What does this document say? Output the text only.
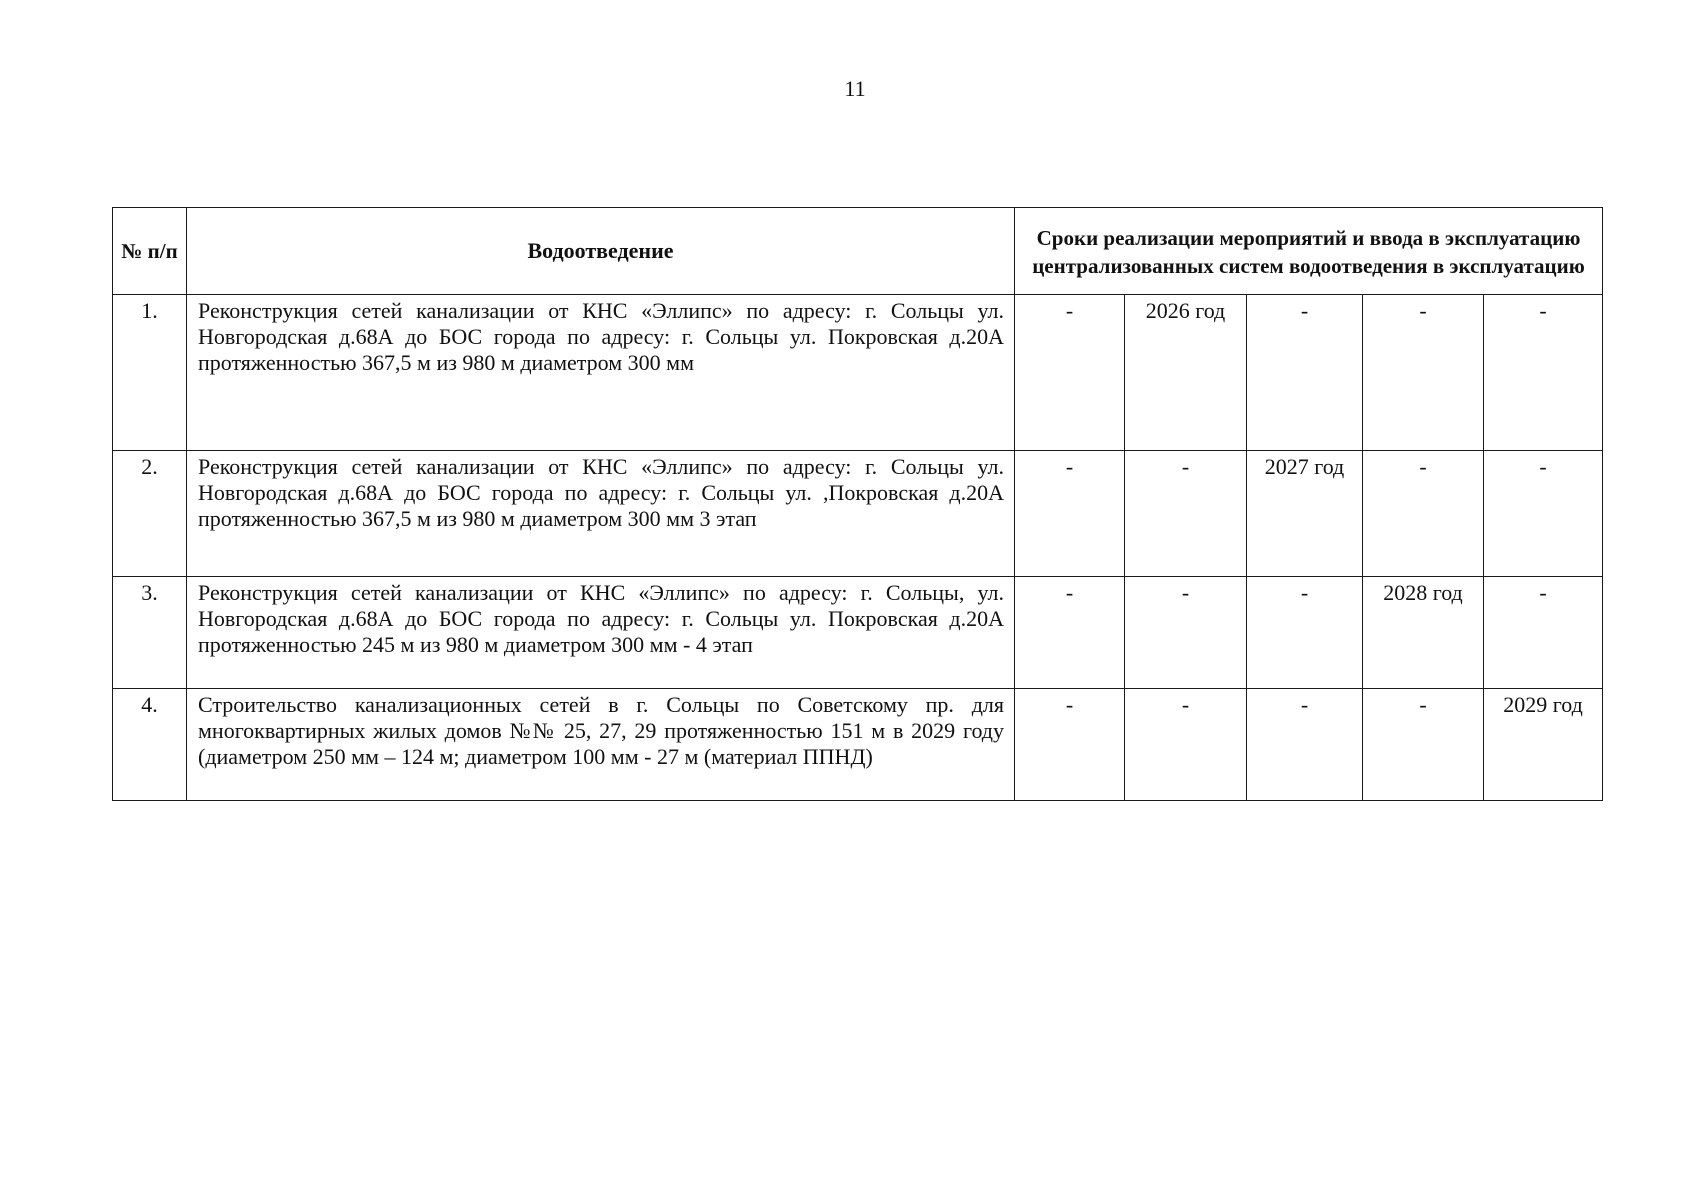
11
№ п/п	Водоотведение	Сроки реализации мероприятий и ввода в эксплуатацию централизованных систем водоотведения в эксплуатацию				
1.	Реконструкция сетей канализации от КНС «Эллипс» по адресу: г. Сольцы ул. Новгородская д.68А до БОС города по адресу: г. Сольцы ул. Покровская д.20А протяженностью 367,5 м из 980 м диаметром 300 мм	-	2026 год	-	-	-
2.	Реконструкция сетей канализации от КНС «Эллипс» по адресу: г. Сольцы ул. Новгородская д.68А до БОС города по адресу: г. Сольцы ул. ,Покровская д.20А протяженностью 367,5 м из 980 м диаметром 300 мм 3 этап	-	-	2027 год	-	-
3.	Реконструкция сетей канализации от КНС «Эллипс» по адресу: г. Сольцы, ул. Новгородская д.68А до БОС города по адресу: г. Сольцы ул. Покровская д.20А протяженностью 245 м из 980 м диаметром 300 мм - 4 этап	-	-	-	2028 год	-
4.	Строительство канализационных сетей в г. Сольцы по Советскому пр. для многоквартирных жилых домов №№ 25, 27, 29 протяженностью 151 м в 2029 году (диаметром 250 мм – 124 м; диаметром 100 мм - 27 м (материал ППНД)	-	-	-	-	2029 год
